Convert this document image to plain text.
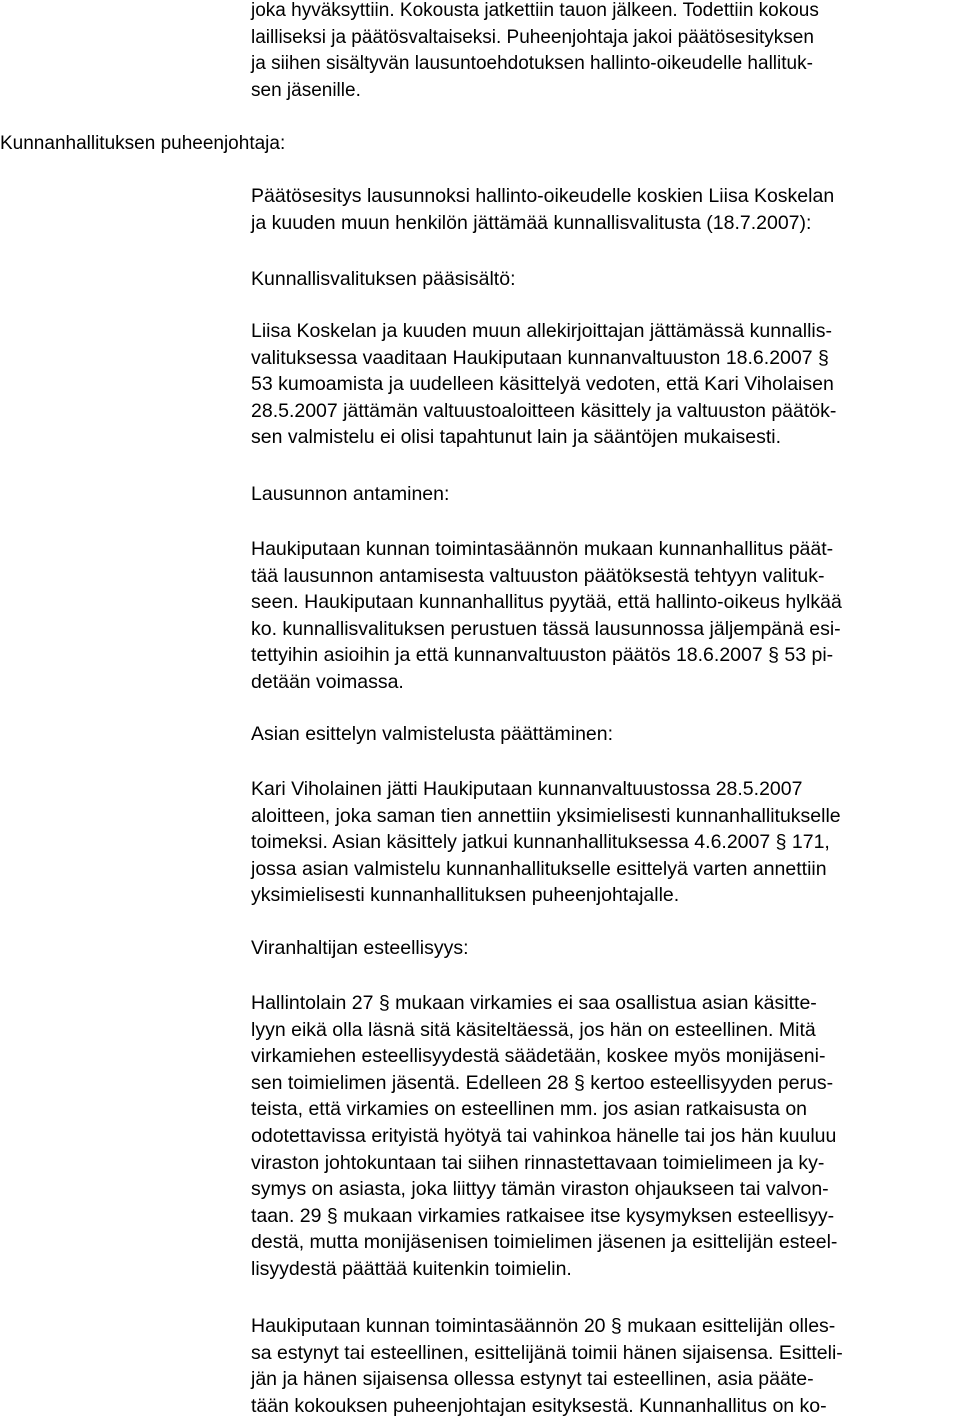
Kunnanhallituksen puheenjohtaja:
joka hyväksyttiin. Kokousta jatkettiin tauon jälkeen. Todettiin kokous
lailliseksi ja päätösvaltaiseksi. Puheenjohtaja jakoi päätösesityksen
ja siihen sisältyvän lausuntoehdotuksen hallinto-oikeudelle hallituk-
sen jäsenille.
Päätösesitys lausunnoksi hallinto-oikeudelle koskien Liisa Koskelan
ja kuuden muun henkilön jättämää kunnallisvalitusta (18.7.2007):
Kunnallisvalituksen pääsisältö:
Liisa Koskelan ja kuuden muun allekirjoittajan jättämässä kunnallis-
valituksessa vaaditaan Haukiputaan kunnanvaltuuston 18.6.2007 §
53 kumoamista ja uudelleen käsittelyä vedoten, että Kari Viholaisen
28.5.2007 jättämän valtuustoaloitteen käsittely ja valtuuston päätök-
sen valmistelu ei olisi tapahtunut lain ja sääntöjen mukaisesti.
Lausunnon antaminen:
Haukiputaan kunnan toimintasäännön mukaan kunnanhallitus päät-
tää lausunnon antamisesta valtuuston päätöksestä tehtyyn valituk-
seen. Haukiputaan kunnanhallitus pyytää, että hallinto-oikeus hylkää
ko. kunnallisvalituksen perustuen tässä lausunnossa jäljempänä esi-
tettyihin asioihin ja että kunnanvaltuuston päätös 18.6.2007 § 53 pi-
detään voimassa.
Asian esittelyn valmistelusta päättäminen:
Kari Viholainen jätti Haukiputaan kunnanvaltuustossa 28.5.2007
aloitteen, joka saman tien annettiin yksimielisesti kunnanhallitukselle
toimeksi. Asian käsittely jatkui kunnanhallituksessa 4.6.2007 § 171,
jossa asian valmistelu kunnanhallitukselle esittelyä varten annettiin
yksimielisesti kunnanhallituksen puheenjohtajalle.
Viranhaltijan esteellisyys:
Hallintolain 27 § mukaan virkamies ei saa osallistua asian käsitte-
lyyn eikä olla läsnä sitä käsiteltäessä, jos hän on esteellinen. Mitä
virkamiehen esteellisyydestä säädetään, koskee myös monijäseni-
sen toimielimen jäsentä. Edelleen 28 § kertoo esteellisyyden perus-
teista, että virkamies on esteellinen mm. jos asian ratkaisusta on
odotettavissa erityistä hyötyä tai vahinkoa hänelle tai jos hän kuuluu
viraston johtokuntaan tai siihen rinnastettavaan toimielimeen ja ky-
symys on asiasta, joka liittyy tämän viraston ohjaukseen tai valvon-
taan. 29 § mukaan virkamies ratkaisee itse kysymyksen esteellisyy-
destä, mutta monijäsenisen toimielimen jäsenen ja esittelijän esteel-
lisyydestä päättää kuitenkin toimielin.
Haukiputaan kunnan toimintasäännön 20 § mukaan esittelijän olles-
sa estynyt tai esteellinen, esittelijänä toimii hänen sijaisensa. Esitteli-
jän ja hänen sijaisensa ollessa estynyt tai esteellinen, asia pääte-
tään kokouksen puheenjohtajan esityksestä. Kunnanhallitus on ko-
